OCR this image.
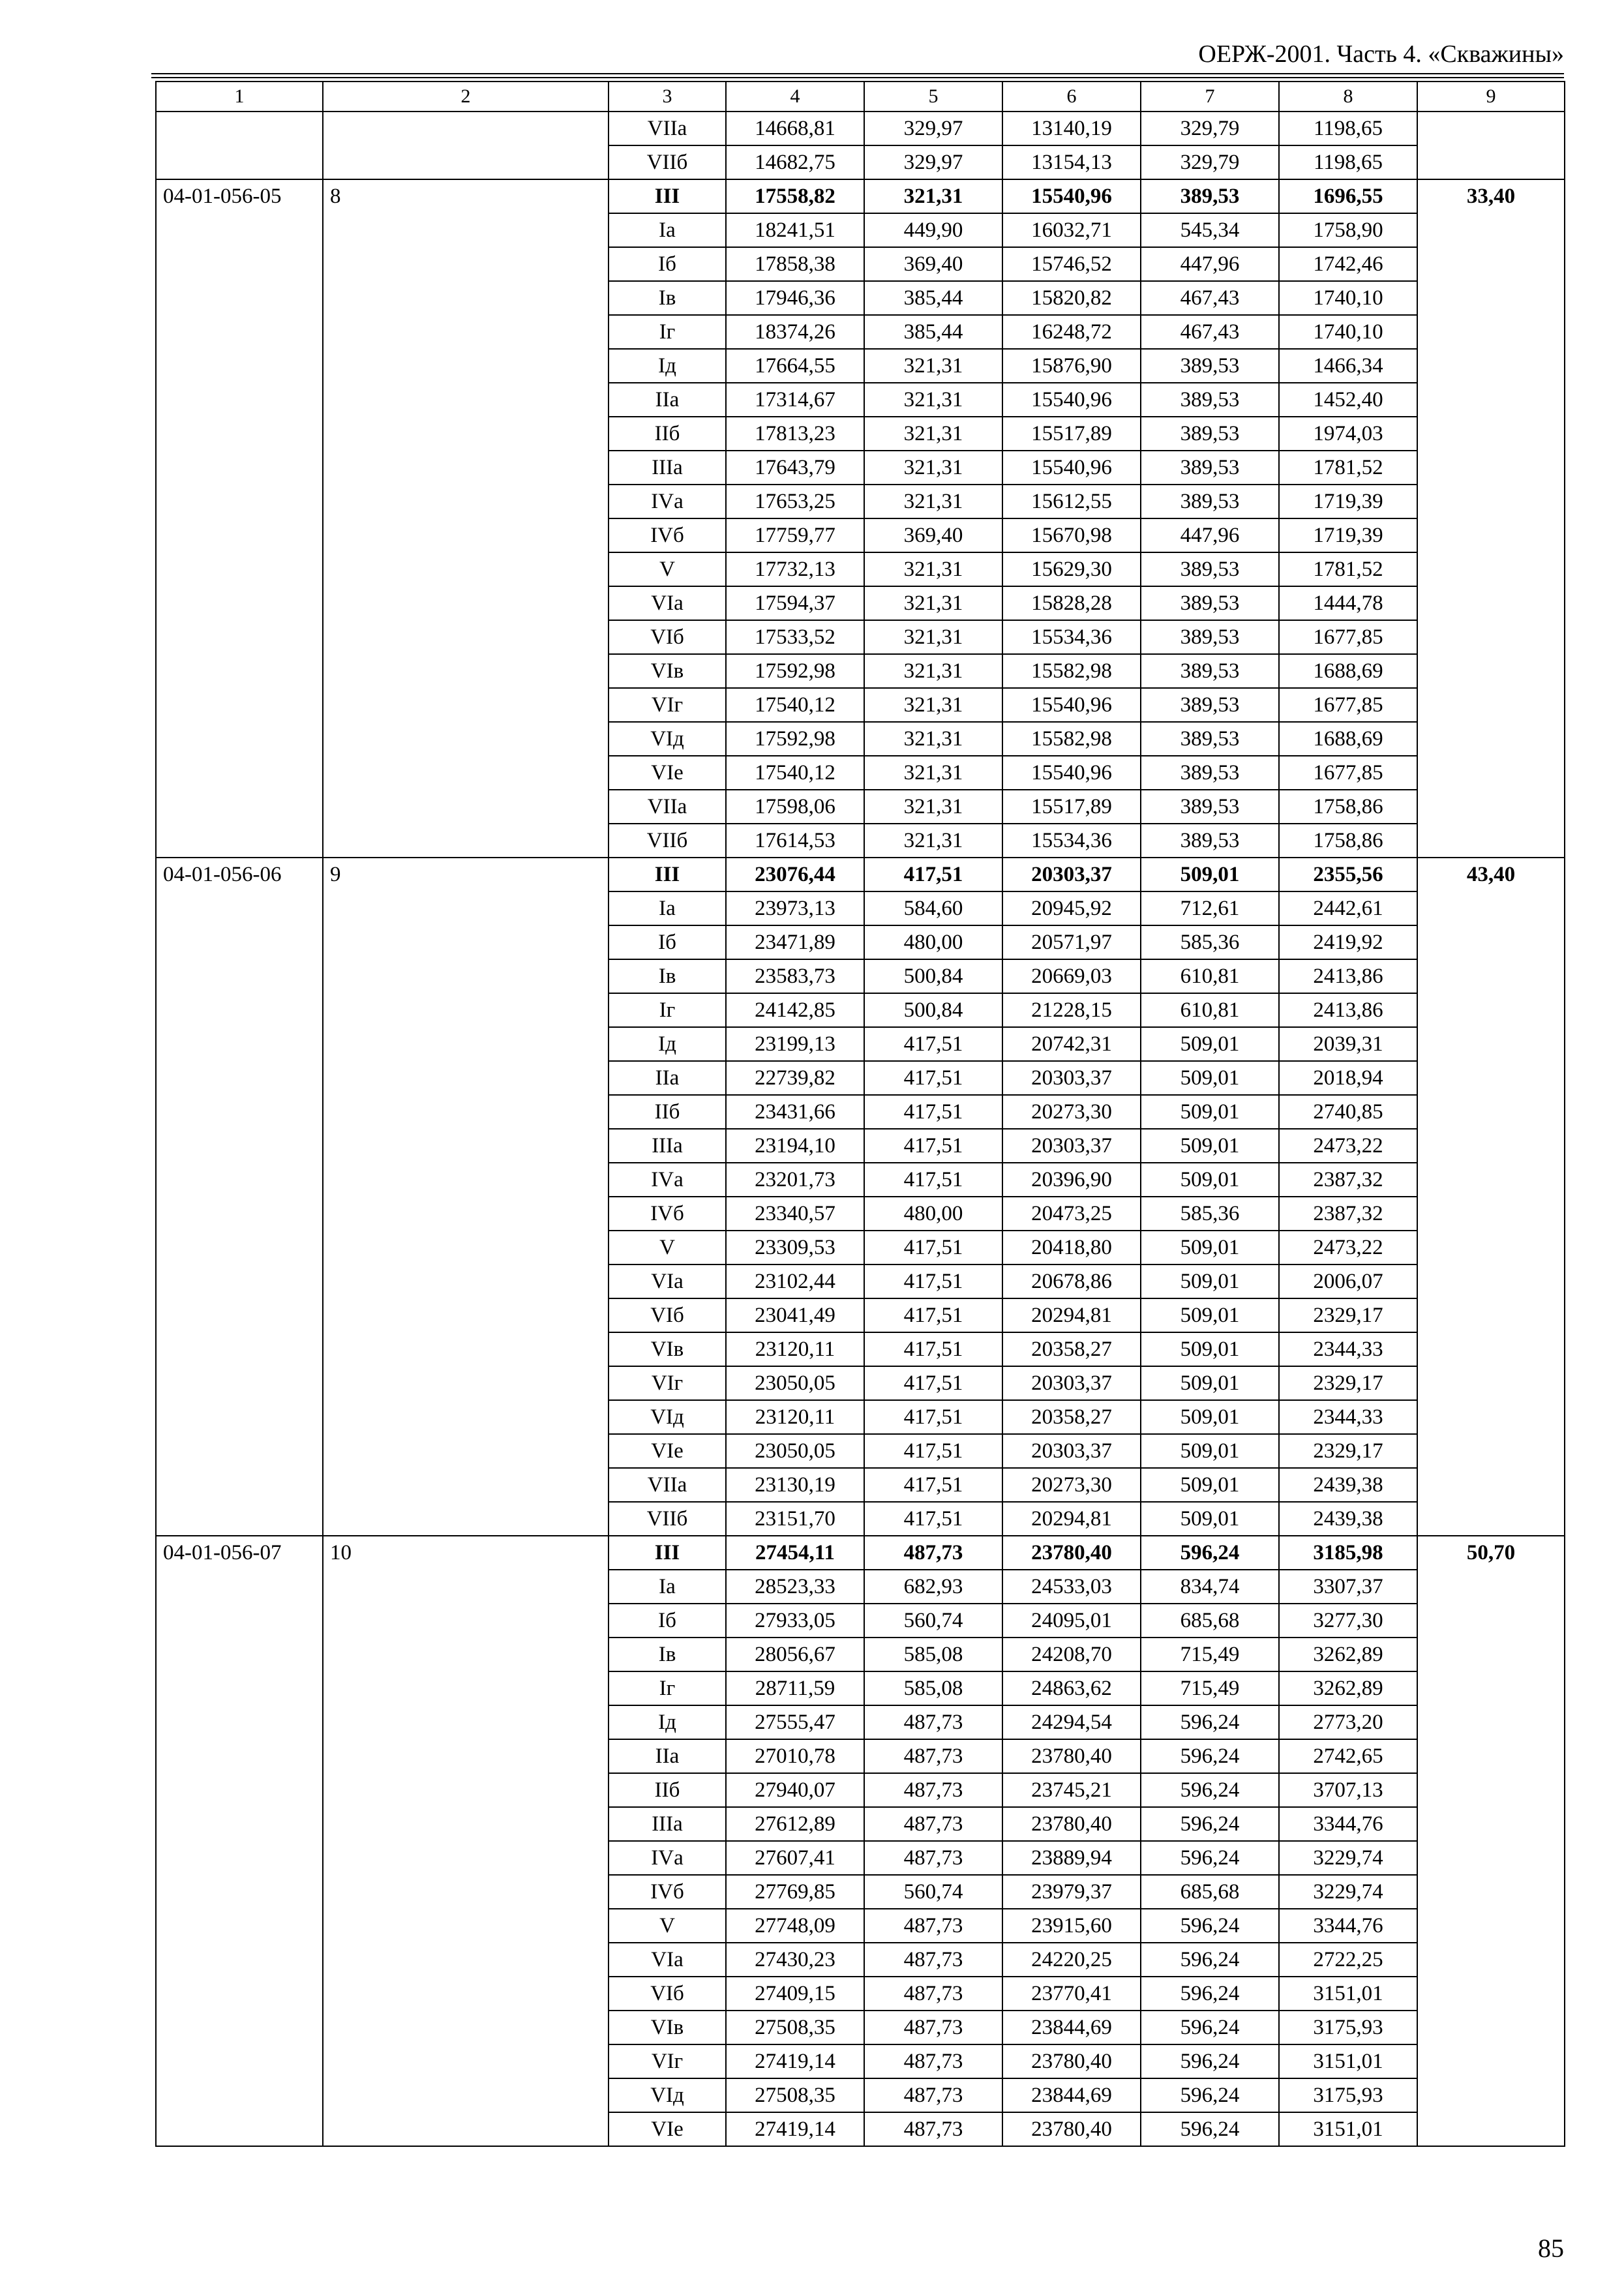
ОЕРЖ-2001. Часть 4. «Скважины»
1	2	3	4	5	6	7	8	9
		VIIа	14668,81	329,97	13140,19	329,79	1198,65	
		VIIб	14682,75	329,97	13154,13	329,79	1198,65	
04-01-056-05	8	III	17558,82	321,31	15540,96	389,53	1696,55	33,40
		Iа	18241,51	449,90	16032,71	545,34	1758,90	
		Iб	17858,38	369,40	15746,52	447,96	1742,46	
		Iв	17946,36	385,44	15820,82	467,43	1740,10	
		Iг	18374,26	385,44	16248,72	467,43	1740,10	
		Iд	17664,55	321,31	15876,90	389,53	1466,34	
		IIа	17314,67	321,31	15540,96	389,53	1452,40	
		IIб	17813,23	321,31	15517,89	389,53	1974,03	
		IIIа	17643,79	321,31	15540,96	389,53	1781,52	
		IVа	17653,25	321,31	15612,55	389,53	1719,39	
		IVб	17759,77	369,40	15670,98	447,96	1719,39	
		V	17732,13	321,31	15629,30	389,53	1781,52	
		VIа	17594,37	321,31	15828,28	389,53	1444,78	
		VIб	17533,52	321,31	15534,36	389,53	1677,85	
		VIв	17592,98	321,31	15582,98	389,53	1688,69	
		VIг	17540,12	321,31	15540,96	389,53	1677,85	
		VIд	17592,98	321,31	15582,98	389,53	1688,69	
		VIе	17540,12	321,31	15540,96	389,53	1677,85	
		VIIа	17598,06	321,31	15517,89	389,53	1758,86	
		VIIб	17614,53	321,31	15534,36	389,53	1758,86	
04-01-056-06	9	III	23076,44	417,51	20303,37	509,01	2355,56	43,40
		Iа	23973,13	584,60	20945,92	712,61	2442,61	
		Iб	23471,89	480,00	20571,97	585,36	2419,92	
		Iв	23583,73	500,84	20669,03	610,81	2413,86	
		Iг	24142,85	500,84	21228,15	610,81	2413,86	
		Iд	23199,13	417,51	20742,31	509,01	2039,31	
		IIа	22739,82	417,51	20303,37	509,01	2018,94	
		IIб	23431,66	417,51	20273,30	509,01	2740,85	
		IIIа	23194,10	417,51	20303,37	509,01	2473,22	
		IVа	23201,73	417,51	20396,90	509,01	2387,32	
		IVб	23340,57	480,00	20473,25	585,36	2387,32	
		V	23309,53	417,51	20418,80	509,01	2473,22	
		VIа	23102,44	417,51	20678,86	509,01	2006,07	
		VIб	23041,49	417,51	20294,81	509,01	2329,17	
		VIв	23120,11	417,51	20358,27	509,01	2344,33	
		VIг	23050,05	417,51	20303,37	509,01	2329,17	
		VIд	23120,11	417,51	20358,27	509,01	2344,33	
		VIе	23050,05	417,51	20303,37	509,01	2329,17	
		VIIа	23130,19	417,51	20273,30	509,01	2439,38	
		VIIб	23151,70	417,51	20294,81	509,01	2439,38	
04-01-056-07	10	III	27454,11	487,73	23780,40	596,24	3185,98	50,70
		Iа	28523,33	682,93	24533,03	834,74	3307,37	
		Iб	27933,05	560,74	24095,01	685,68	3277,30	
		Iв	28056,67	585,08	24208,70	715,49	3262,89	
		Iг	28711,59	585,08	24863,62	715,49	3262,89	
		Iд	27555,47	487,73	24294,54	596,24	2773,20	
		IIа	27010,78	487,73	23780,40	596,24	2742,65	
		IIб	27940,07	487,73	23745,21	596,24	3707,13	
		IIIа	27612,89	487,73	23780,40	596,24	3344,76	
		IVа	27607,41	487,73	23889,94	596,24	3229,74	
		IVб	27769,85	560,74	23979,37	685,68	3229,74	
		V	27748,09	487,73	23915,60	596,24	3344,76	
		VIа	27430,23	487,73	24220,25	596,24	2722,25	
		VIб	27409,15	487,73	23770,41	596,24	3151,01	
		VIв	27508,35	487,73	23844,69	596,24	3175,93	
		VIг	27419,14	487,73	23780,40	596,24	3151,01	
		VIд	27508,35	487,73	23844,69	596,24	3175,93	
		VIе	27419,14	487,73	23780,40	596,24	3151,01	
85
